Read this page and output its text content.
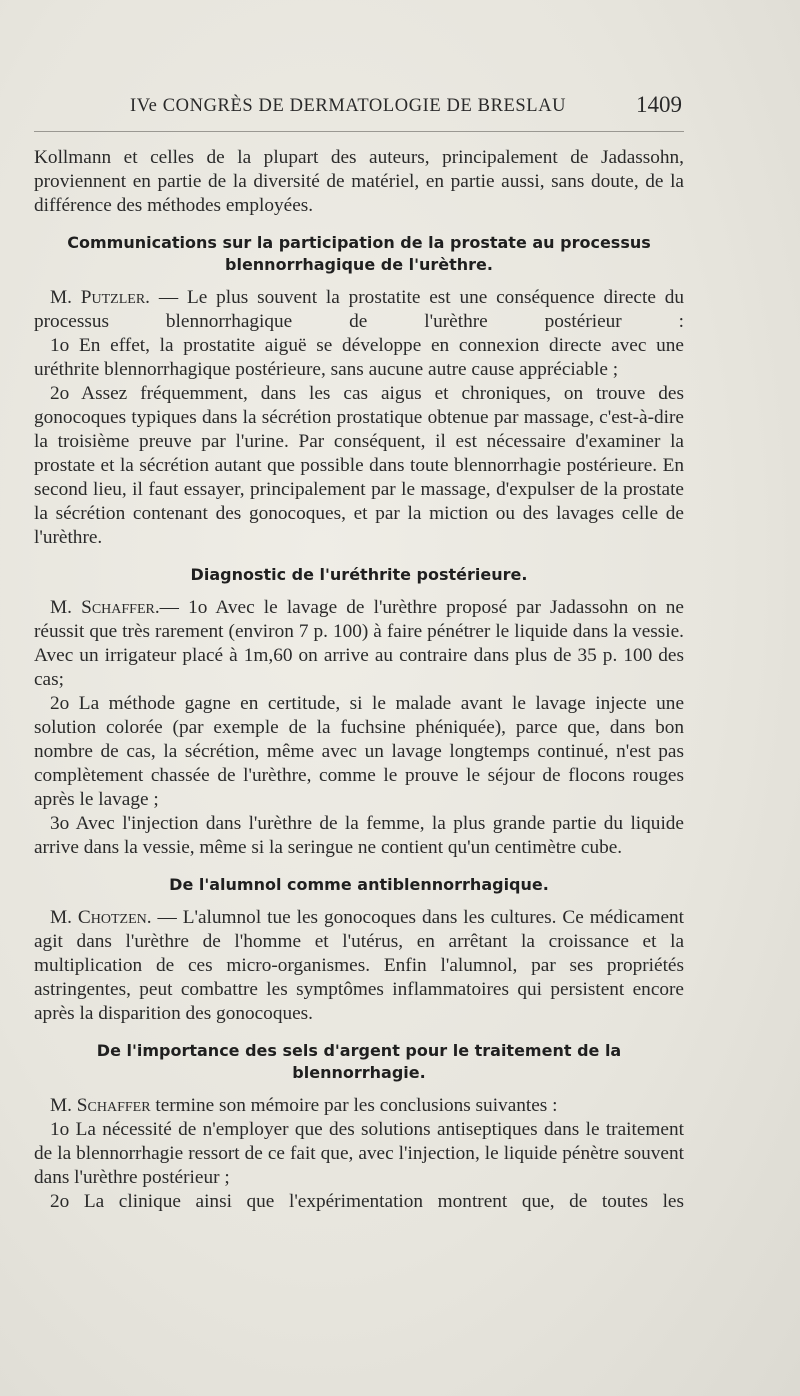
IVe CONGRÈS DE DERMATOLOGIE DE BRESLAU	1409

Kollmann et celles de la plupart des auteurs, principalement de Jadassohn, proviennent en partie de la diversité de matériel, en partie aussi, sans doute, de la différence des méthodes employées.

Communications sur la participation de la prostate au processus blennorrhagique de l'urèthre.

M. Putzler. — Le plus souvent la prostatite est une conséquence directe du processus blennorrhagique de l'urèthre postérieur :

1o En effet, la prostatite aiguë se développe en connexion directe avec une uréthrite blennorrhagique postérieure, sans aucune autre cause appréciable ;

2o Assez fréquemment, dans les cas aigus et chroniques, on trouve des gonocoques typiques dans la sécrétion prostatique obtenue par massage, c'est-à-dire la troisième preuve par l'urine. Par conséquent, il est nécessaire d'examiner la prostate et la sécrétion autant que possible dans toute blennorrhagie postérieure. En second lieu, il faut essayer, principalement par le massage, d'expulser de la prostate la sécrétion contenant des gonocoques, et par la miction ou des lavages celle de l'urèthre.

Diagnostic de l'uréthrite postérieure.

M. Schaffer.— 1o Avec le lavage de l'urèthre proposé par Jadassohn on ne réussit que très rarement (environ 7 p. 100) à faire pénétrer le liquide dans la vessie. Avec un irrigateur placé à 1m,60 on arrive au contraire dans plus de 35 p. 100 des cas;

2o La méthode gagne en certitude, si le malade avant le lavage injecte une solution colorée (par exemple de la fuchsine phéniquée), parce que, dans bon nombre de cas, la sécrétion, même avec un lavage longtemps continué, n'est pas complètement chassée de l'urèthre, comme le prouve le séjour de flocons rouges après le lavage ;

3o Avec l'injection dans l'urèthre de la femme, la plus grande partie du liquide arrive dans la vessie, même si la seringue ne contient qu'un centimètre cube.

De l'alumnol comme antiblennorrhagique.

M. Chotzen. — L'alumnol tue les gonocoques dans les cultures. Ce médicament agit dans l'urèthre de l'homme et l'utérus, en arrêtant la croissance et la multiplication de ces micro-organismes. Enfin l'alumnol, par ses propriétés astringentes, peut combattre les symptômes inflammatoires qui persistent encore après la disparition des gonocoques.

De l'importance des sels d'argent pour le traitement de la blennorrhagie.

M. Schaffer termine son mémoire par les conclusions suivantes :

1o La nécessité de n'employer que des solutions antiseptiques dans le traitement de la blennorrhagie ressort de ce fait que, avec l'injection, le liquide pénètre souvent dans l'urèthre postérieur ;

2o La clinique ainsi que l'expérimentation montrent que, de toutes les
